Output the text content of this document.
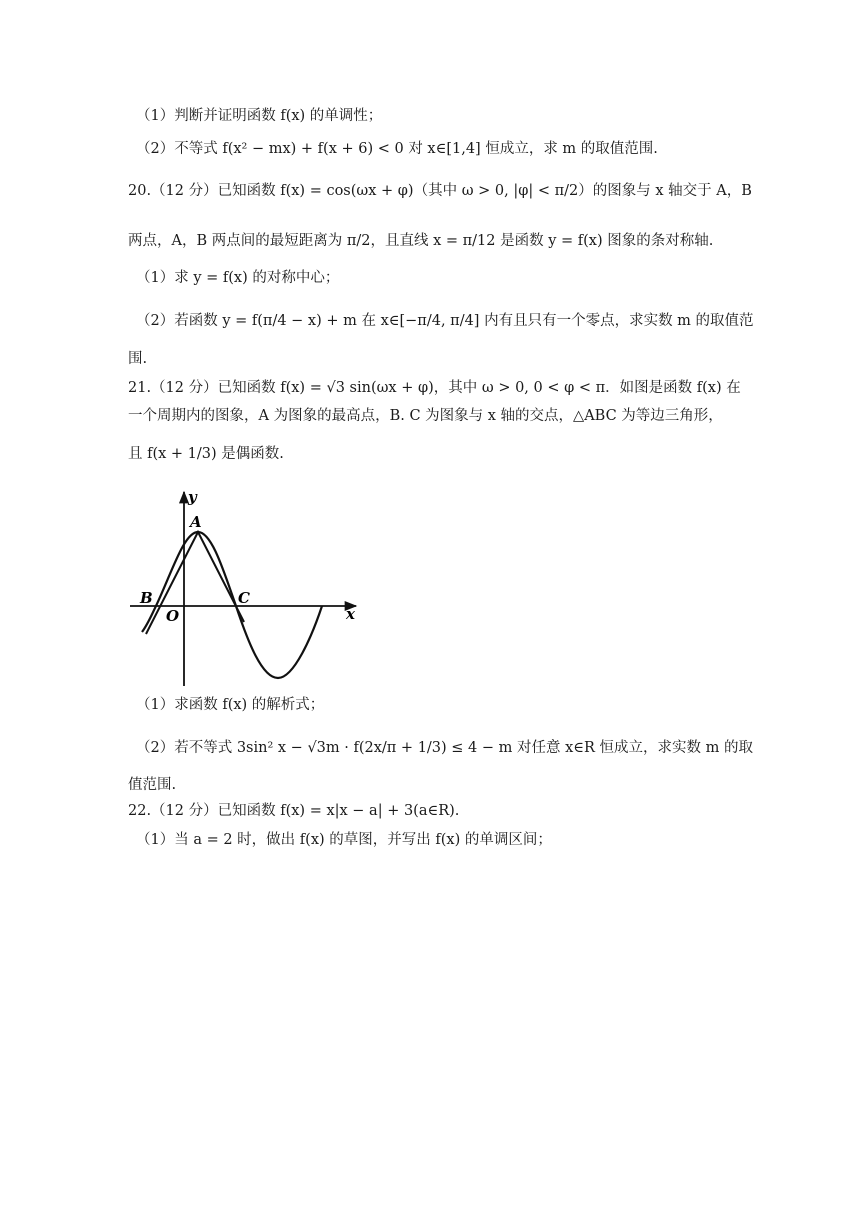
（1）判断并证明函数 f(x) 的单调性；
（2）不等式 f(x² − mx) + f(x + 6) < 0 对 x∈[1,4] 恒成立，求 m 的取值范围.
20.（12 分）已知函数 f(x) = cos(ωx + φ)（其中 ω > 0, |φ| < π/2）的图象与 x 轴交于 A，B
两点，A，B 两点间的最短距离为 π/2，且直线 x = π/12 是函数 y = f(x) 图象的条对称轴.
（1）求 y = f(x) 的对称中心；
（2）若函数 y = f(π/4 − x) + m 在 x∈[−π/4, π/4] 内有且只有一个零点，求实数 m 的取值范
围.
21.（12 分）已知函数 f(x) = √3 sin(ωx + φ)，其中 ω > 0, 0 < φ < π．如图是函数 f(x) 在
一个周期内的图象，A 为图象的最高点，B. C 为图象与 x 轴的交点，△ABC 为等边三角形，
且 f(x + 1/3) 是偶函数.
y
x
O
A
B	C
（1）求函数 f(x) 的解析式；
（2）若不等式 3sin² x − √3m · f(2x/π + 1/3) ≤ 4 − m 对任意 x∈R 恒成立，求实数 m 的取
值范围.
22.（12 分）已知函数 f(x) = x|x − a| + 3(a∈R).
（1）当 a = 2 时，做出 f(x) 的草图，并写出 f(x) 的单调区间；
